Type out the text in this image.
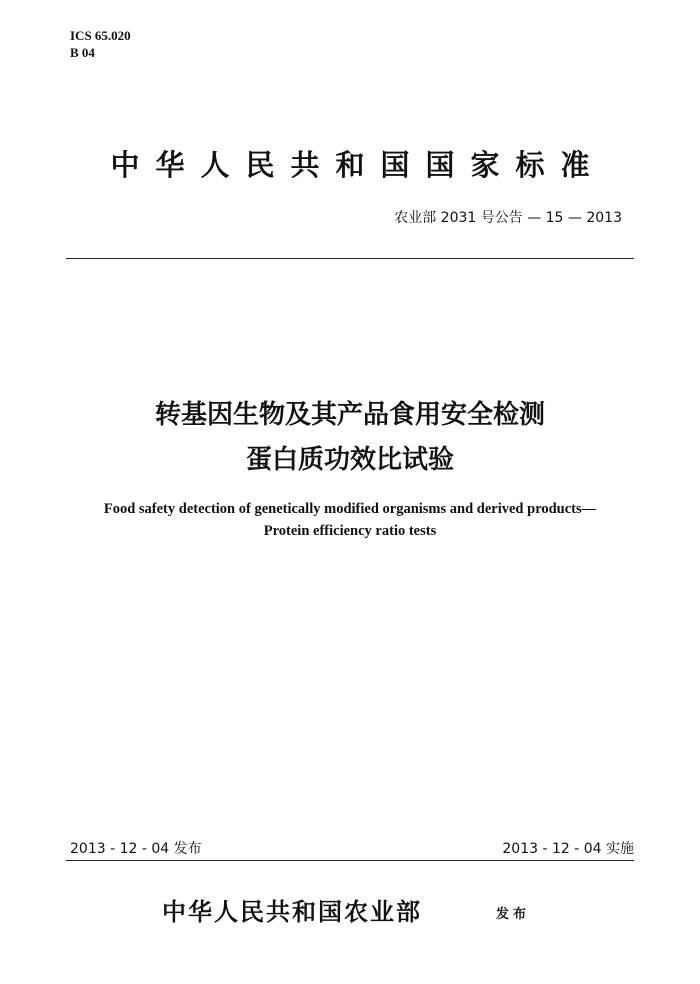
ICS 65.020
B 04
中华人民共和国国家标准
农业部 2031 号公告 — 15 — 2013
转基因生物及其产品食用安全检测
蛋白质功效比试验
Food safety detection of genetically modified organisms and derived products—
Protein efficiency ratio tests
2013 - 12 - 04 发布	2013 - 12 - 04 实施
中华人民共和国农业部	发布
